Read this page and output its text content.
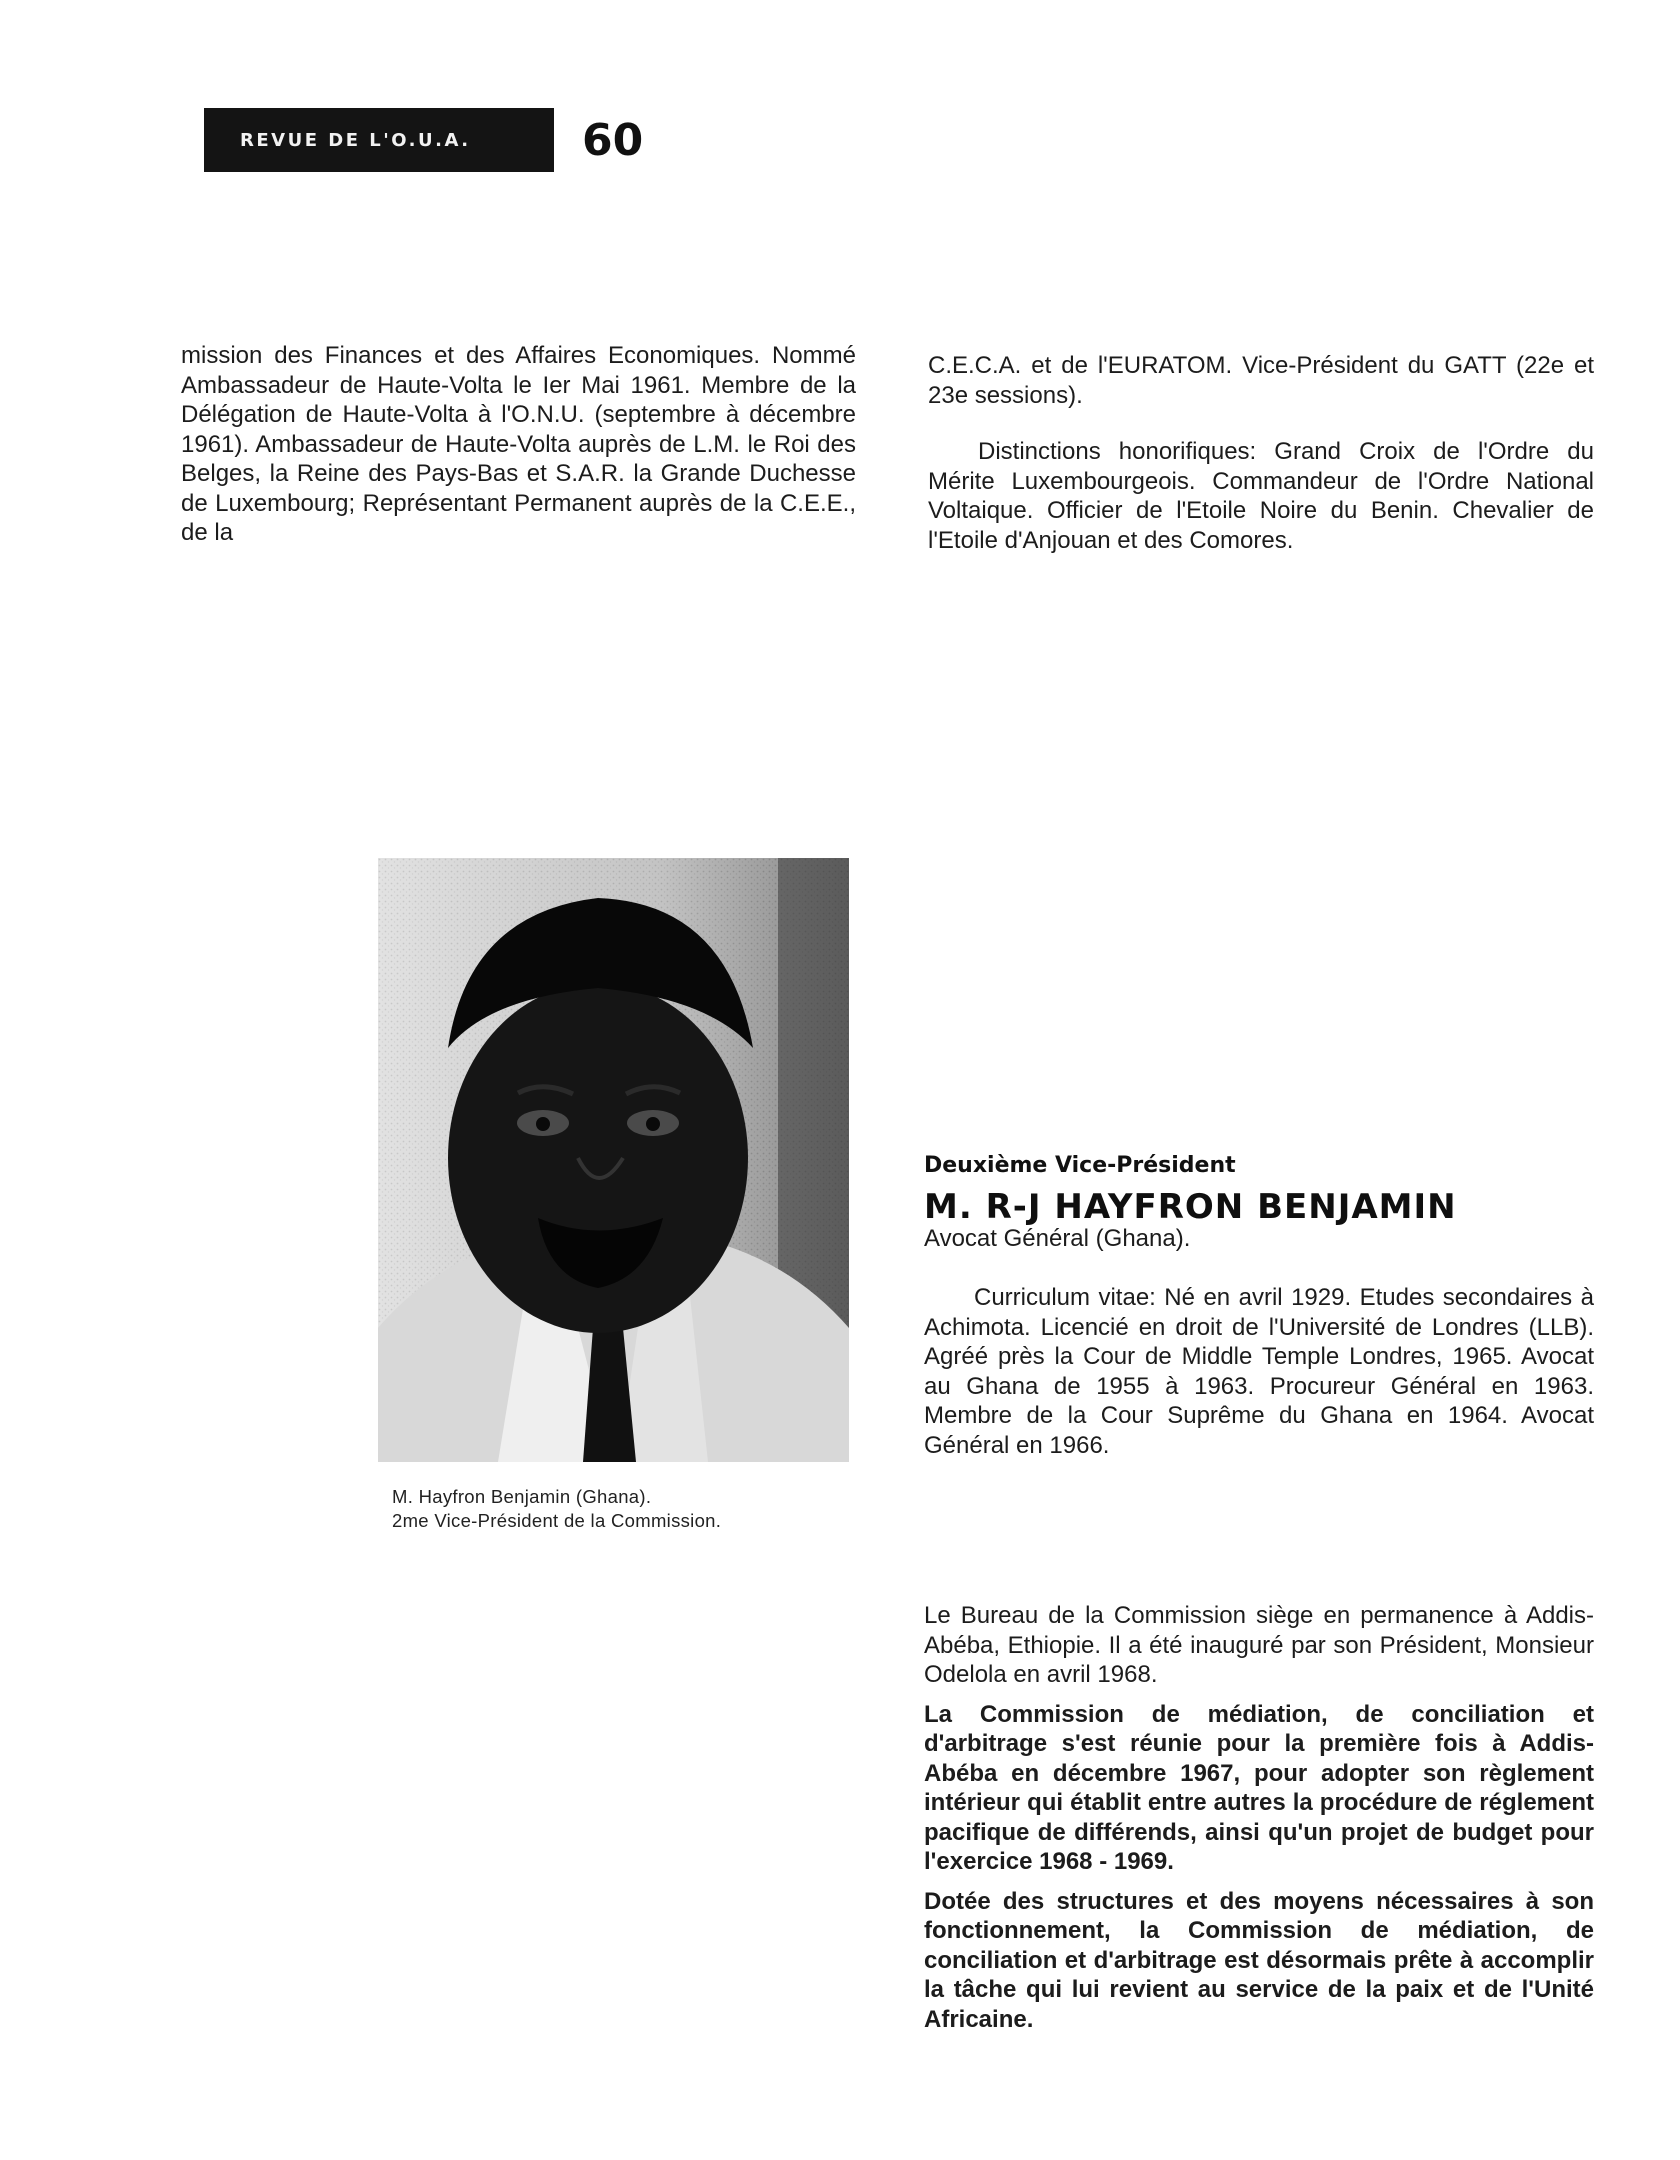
REVUE DE L'O.U.A.	60

mission des Finances et des Affaires Economiques. Nommé Ambassadeur de Haute-Volta le Ier Mai 1961. Membre de la Délégation de Haute-Volta à l'O.N.U. (septembre à décembre 1961). Ambassadeur de Haute-Volta auprès de L.M. le Roi des Belges, la Reine des Pays-Bas et S.A.R. la Grande Duchesse de Luxembourg; Représentant Permanent auprès de la C.E.E., de la

C.E.C.A. et de l'EURATOM. Vice-Président du GATT (22e et 23e sessions).

Distinctions honorifiques: Grand Croix de l'Ordre du Mérite Luxembourgeois. Commandeur de l'Ordre National Voltaique. Officier de l'Etoile Noire du Benin. Chevalier de l'Etoile d'Anjouan et des Comores.

M. Hayfron Benjamin (Ghana).
2me Vice-Président de la Commission.
Deuxième Vice-Président
M. R-J HAYFRON BENJAMIN
Avocat Général (Ghana).

Curriculum vitae: Né en avril 1929. Etudes secondaires à Achimota. Licencié en droit de l'Université de Londres (LLB). Agréé près la Cour de Middle Temple Londres, 1965. Avocat au Ghana de 1955 à 1963. Procureur Général en 1963. Membre de la Cour Suprême du Ghana en 1964. Avocat Général en 1966.

Le Bureau de la Commission siège en permanence à Addis-Abéba, Ethiopie. Il a été inauguré par son Président, Monsieur Odelola en avril 1968.

La Commission de médiation, de conciliation et d'arbitrage s'est réunie pour la première fois à Addis-Abéba en décembre 1967, pour adopter son règlement intérieur qui établit entre autres la procédure de réglement pacifique de différends, ainsi qu'un projet de budget pour l'exercice 1968 - 1969.

Dotée des structures et des moyens nécessaires à son fonctionnement, la Commission de médiation, de conciliation et d'arbitrage est désormais prête à accomplir la tâche qui lui revient au service de la paix et de l'Unité Africaine.
